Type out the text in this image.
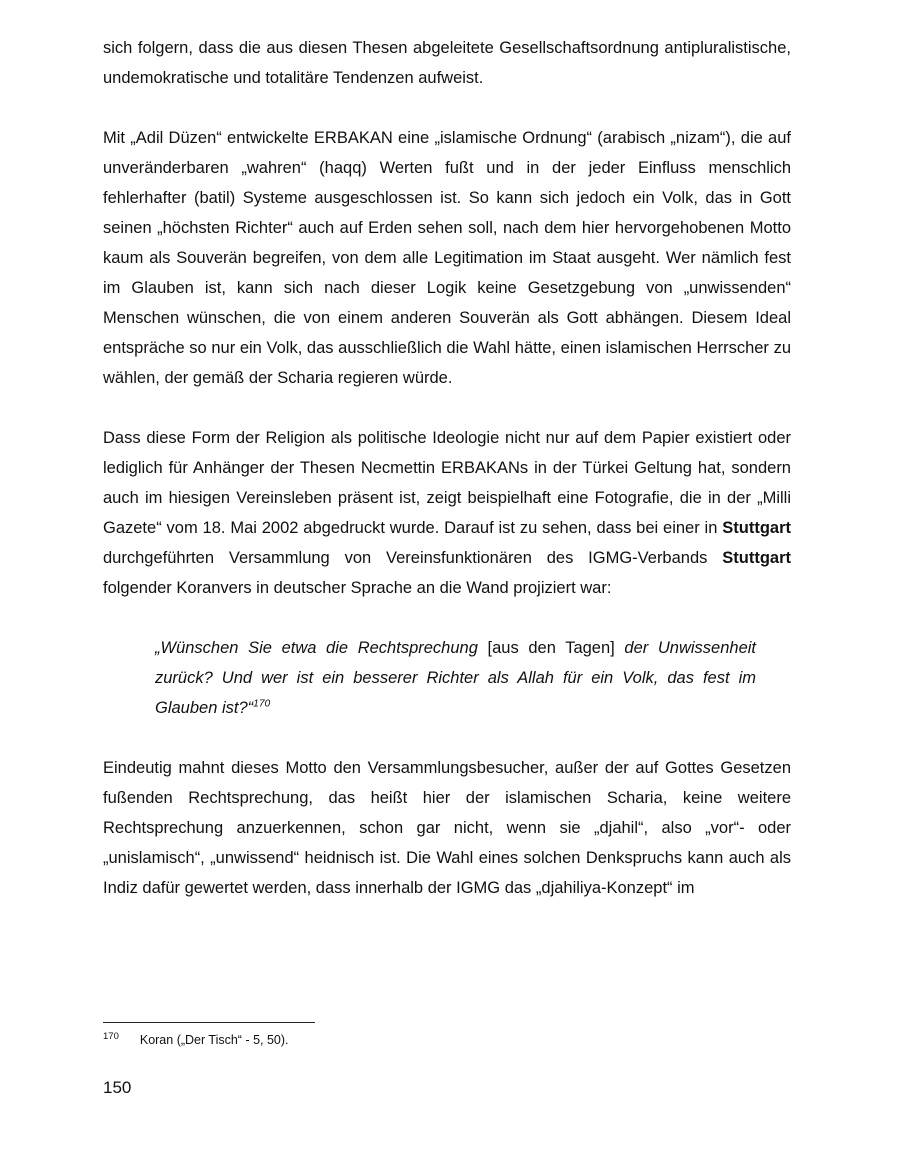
sich folgern, dass die aus diesen Thesen abgeleitete Gesellschaftsordnung antipluralistische, undemokratische und totalitäre Tendenzen aufweist.

Mit „Adil Düzen“ entwickelte ERBAKAN eine „islamische Ordnung“ (arabisch „nizam“), die auf unveränderbaren „wahren“ (haqq) Werten fußt und in der jeder Einfluss menschlich fehlerhafter (batil) Systeme ausgeschlossen ist. So kann sich jedoch ein Volk, das in Gott seinen „höchsten Richter“ auch auf Erden sehen soll, nach dem hier hervorgehobenen Motto kaum als Souverän begreifen, von dem alle Legitimation im Staat ausgeht. Wer nämlich fest im Glauben ist, kann sich nach dieser Logik keine Gesetzgebung von „unwissenden“ Menschen wünschen, die von einem anderen Souverän als Gott abhängen. Diesem Ideal entspräche so nur ein Volk, das ausschließlich die Wahl hätte, einen islamischen Herrscher zu wählen, der gemäß der Scharia regieren würde.

Dass diese Form der Religion als politische Ideologie nicht nur auf dem Papier existiert oder lediglich für Anhänger der Thesen Necmettin ERBAKANs in der Türkei Geltung hat, sondern auch im hiesigen Vereinsleben präsent ist, zeigt beispielhaft eine Fotografie, die in der „Milli Gazete“ vom 18. Mai 2002 abgedruckt wurde. Darauf ist zu sehen, dass bei einer in Stuttgart durchgeführten Versammlung von Vereinsfunktionären des IGMG-Verbands Stuttgart folgender Koranvers in deutscher Sprache an die Wand projiziert war:

„Wünschen Sie etwa die Rechtsprechung [aus den Tagen] der Unwissenheit zurück? Und wer ist ein besserer Richter als Allah für ein Volk, das fest im Glauben ist?“$^{170}$

Eindeutig mahnt dieses Motto den Versammlungsbesucher, außer der auf Gottes Gesetzen fußenden Rechtsprechung, das heißt hier der islamischen Scharia, keine weitere Rechtsprechung anzuerkennen, schon gar nicht, wenn sie „djahil“, also „vor“- oder „unislamisch“, „unwissend“ heidnisch ist. Die Wahl eines solchen Denkspruchs kann auch als Indiz dafür gewertet werden, dass innerhalb der IGMG das „djahiliya-Konzept“ im

$^{170}$ Koran („Der Tisch“ - 5, 50).
150
